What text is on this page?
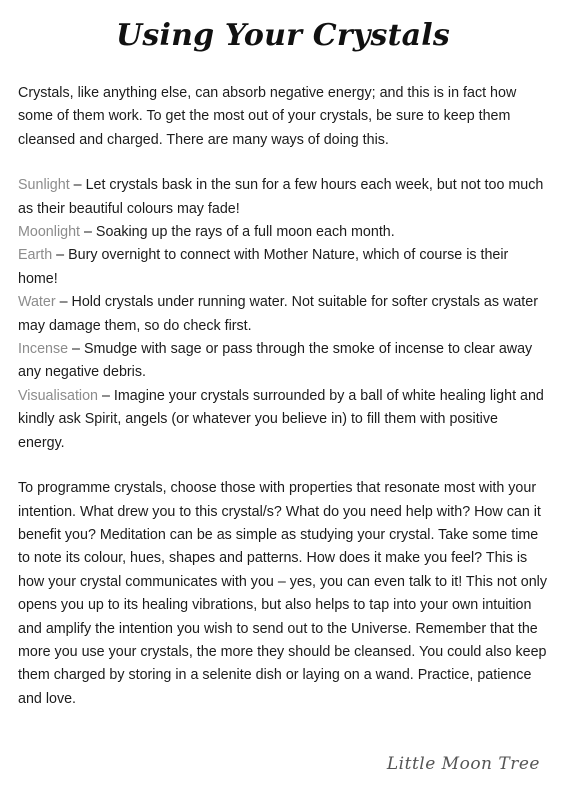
Using Your Crystals

Crystals, like anything else, can absorb negative energy; and this is in fact how some of them work. To get the most out of your crystals, be sure to keep them cleansed and charged. There are many ways of doing this.

Sunlight – Let crystals bask in the sun for a few hours each week, but not too much as their beautiful colours may fade!

Moonlight – Soaking up the rays of a full moon each month.

Earth – Bury overnight to connect with Mother Nature, which of course is their home!

Water – Hold crystals under running water. Not suitable for softer crystals as water may damage them, so do check first.

Incense – Smudge with sage or pass through the smoke of incense to clear away any negative debris.

Visualisation – Imagine your crystals surrounded by a ball of white healing light and kindly ask Spirit, angels (or whatever you believe in) to fill them with positive energy.

To programme crystals, choose those with properties that resonate most with your intention. What drew you to this crystal/s? What do you need help with? How can it benefit you? Meditation can be as simple as studying your crystal. Take some time to note its colour, hues, shapes and patterns. How does it make you feel? This is how your crystal communicates with you – yes, you can even talk to it! This not only opens you up to its healing vibrations, but also helps to tap into your own intuition and amplify the intention you wish to send out to the Universe. Remember that the more you use your crystals, the more they should be cleansed. You could also keep them charged by storing in a selenite dish or laying on a wand. Practice, patience and love.

Little Moon Tree
